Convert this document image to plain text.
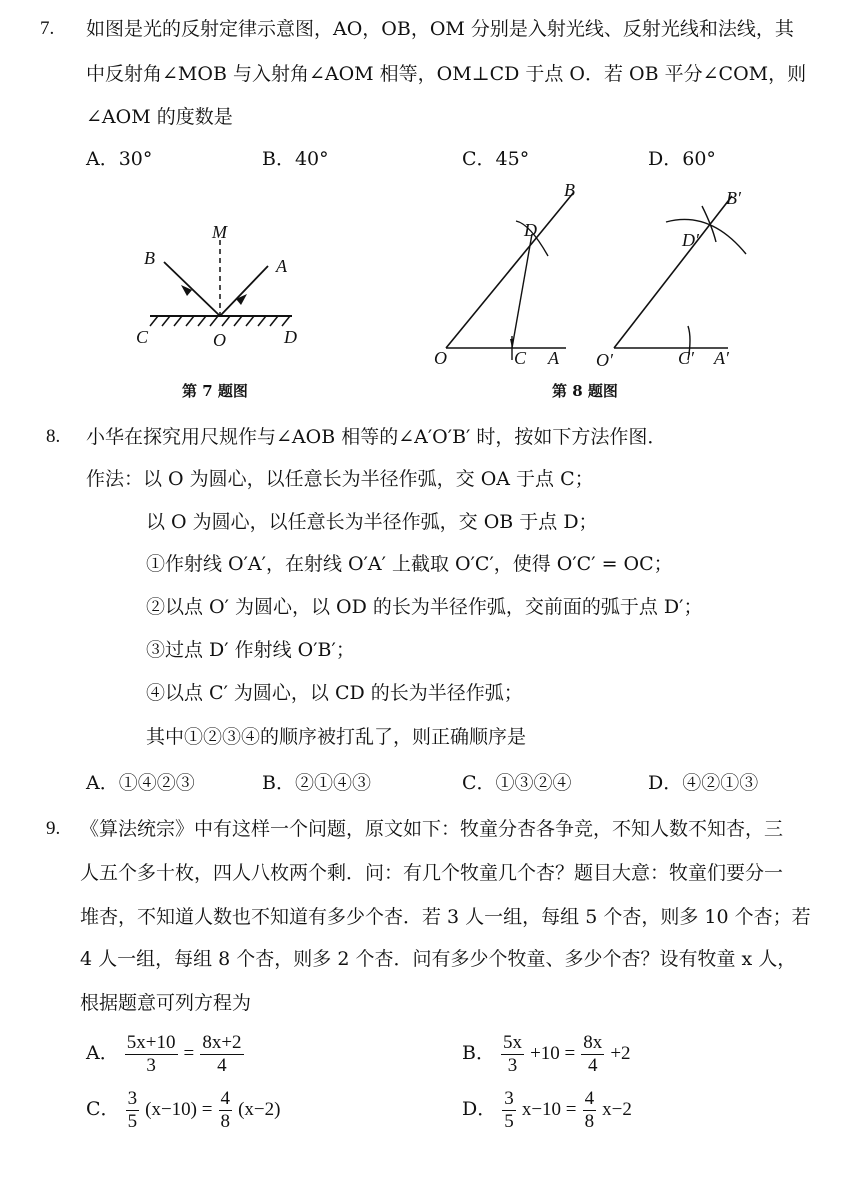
7. 如图是光的反射定律示意图，AO，OB，OM 分别是入射光线、反射光线和法线，其
中反射角∠MOB 与入射角∠AOM 相等，OM⊥CD 于点 O．若 OB 平分∠COM，则
∠AOM 的度数是
A．30°	B．40°	C．45°	D．60°
M
B	A
C	O	D
第 7 题图
B
D
O	C A
B′
D′
O′	C′ A′
第 8 题图
8. 小华在探究用尺规作与∠AOB 相等的∠A′O′B′ 时，按如下方法作图．
作法：以 O 为圆心，以任意长为半径作弧，交 OA 于点 C；
以 O 为圆心，以任意长为半径作弧，交 OB 于点 D；
①作射线 O′A′，在射线 O′A′ 上截取 O′C′，使得 O′C′ = OC；
②以点 O′ 为圆心，以 OD 的长为半径作弧，交前面的弧于点 D′；
③过点 D′ 作射线 O′B′；
④以点 C′ 为圆心，以 CD 的长为半径作弧；
其中①②③④的顺序被打乱了，则正确顺序是
A．①④②③	B．②①④③	C．①③②④	D．④②①③
9. 《算法统宗》中有这样一个问题，原文如下：牧童分杏各争竞，不知人数不知杏，三
人五个多十枚，四人八枚两个剩．问：有几个牧童几个杏？题目大意：牧童们要分一
堆杏，不知道人数也不知道有多少个杏．若 3 人一组，每组 5 个杏，则多 10 个杏；若
4 人一组，每组 8 个杏，则多 2 个杏．问有多少个牧童、多少个杏？设有牧童 x 人，
根据题意可列方程为
A． $\frac{5x+10}{3} = \frac{8x+2}{4}$	B． $\frac{5x}{3} +10 = \frac{8x}{4} +2$
C． $\frac{3}{5} (x-10) = \frac{4}{8} (x-2)$	D． $\frac{3}{5} x-10 = \frac{4}{8} x-2$
